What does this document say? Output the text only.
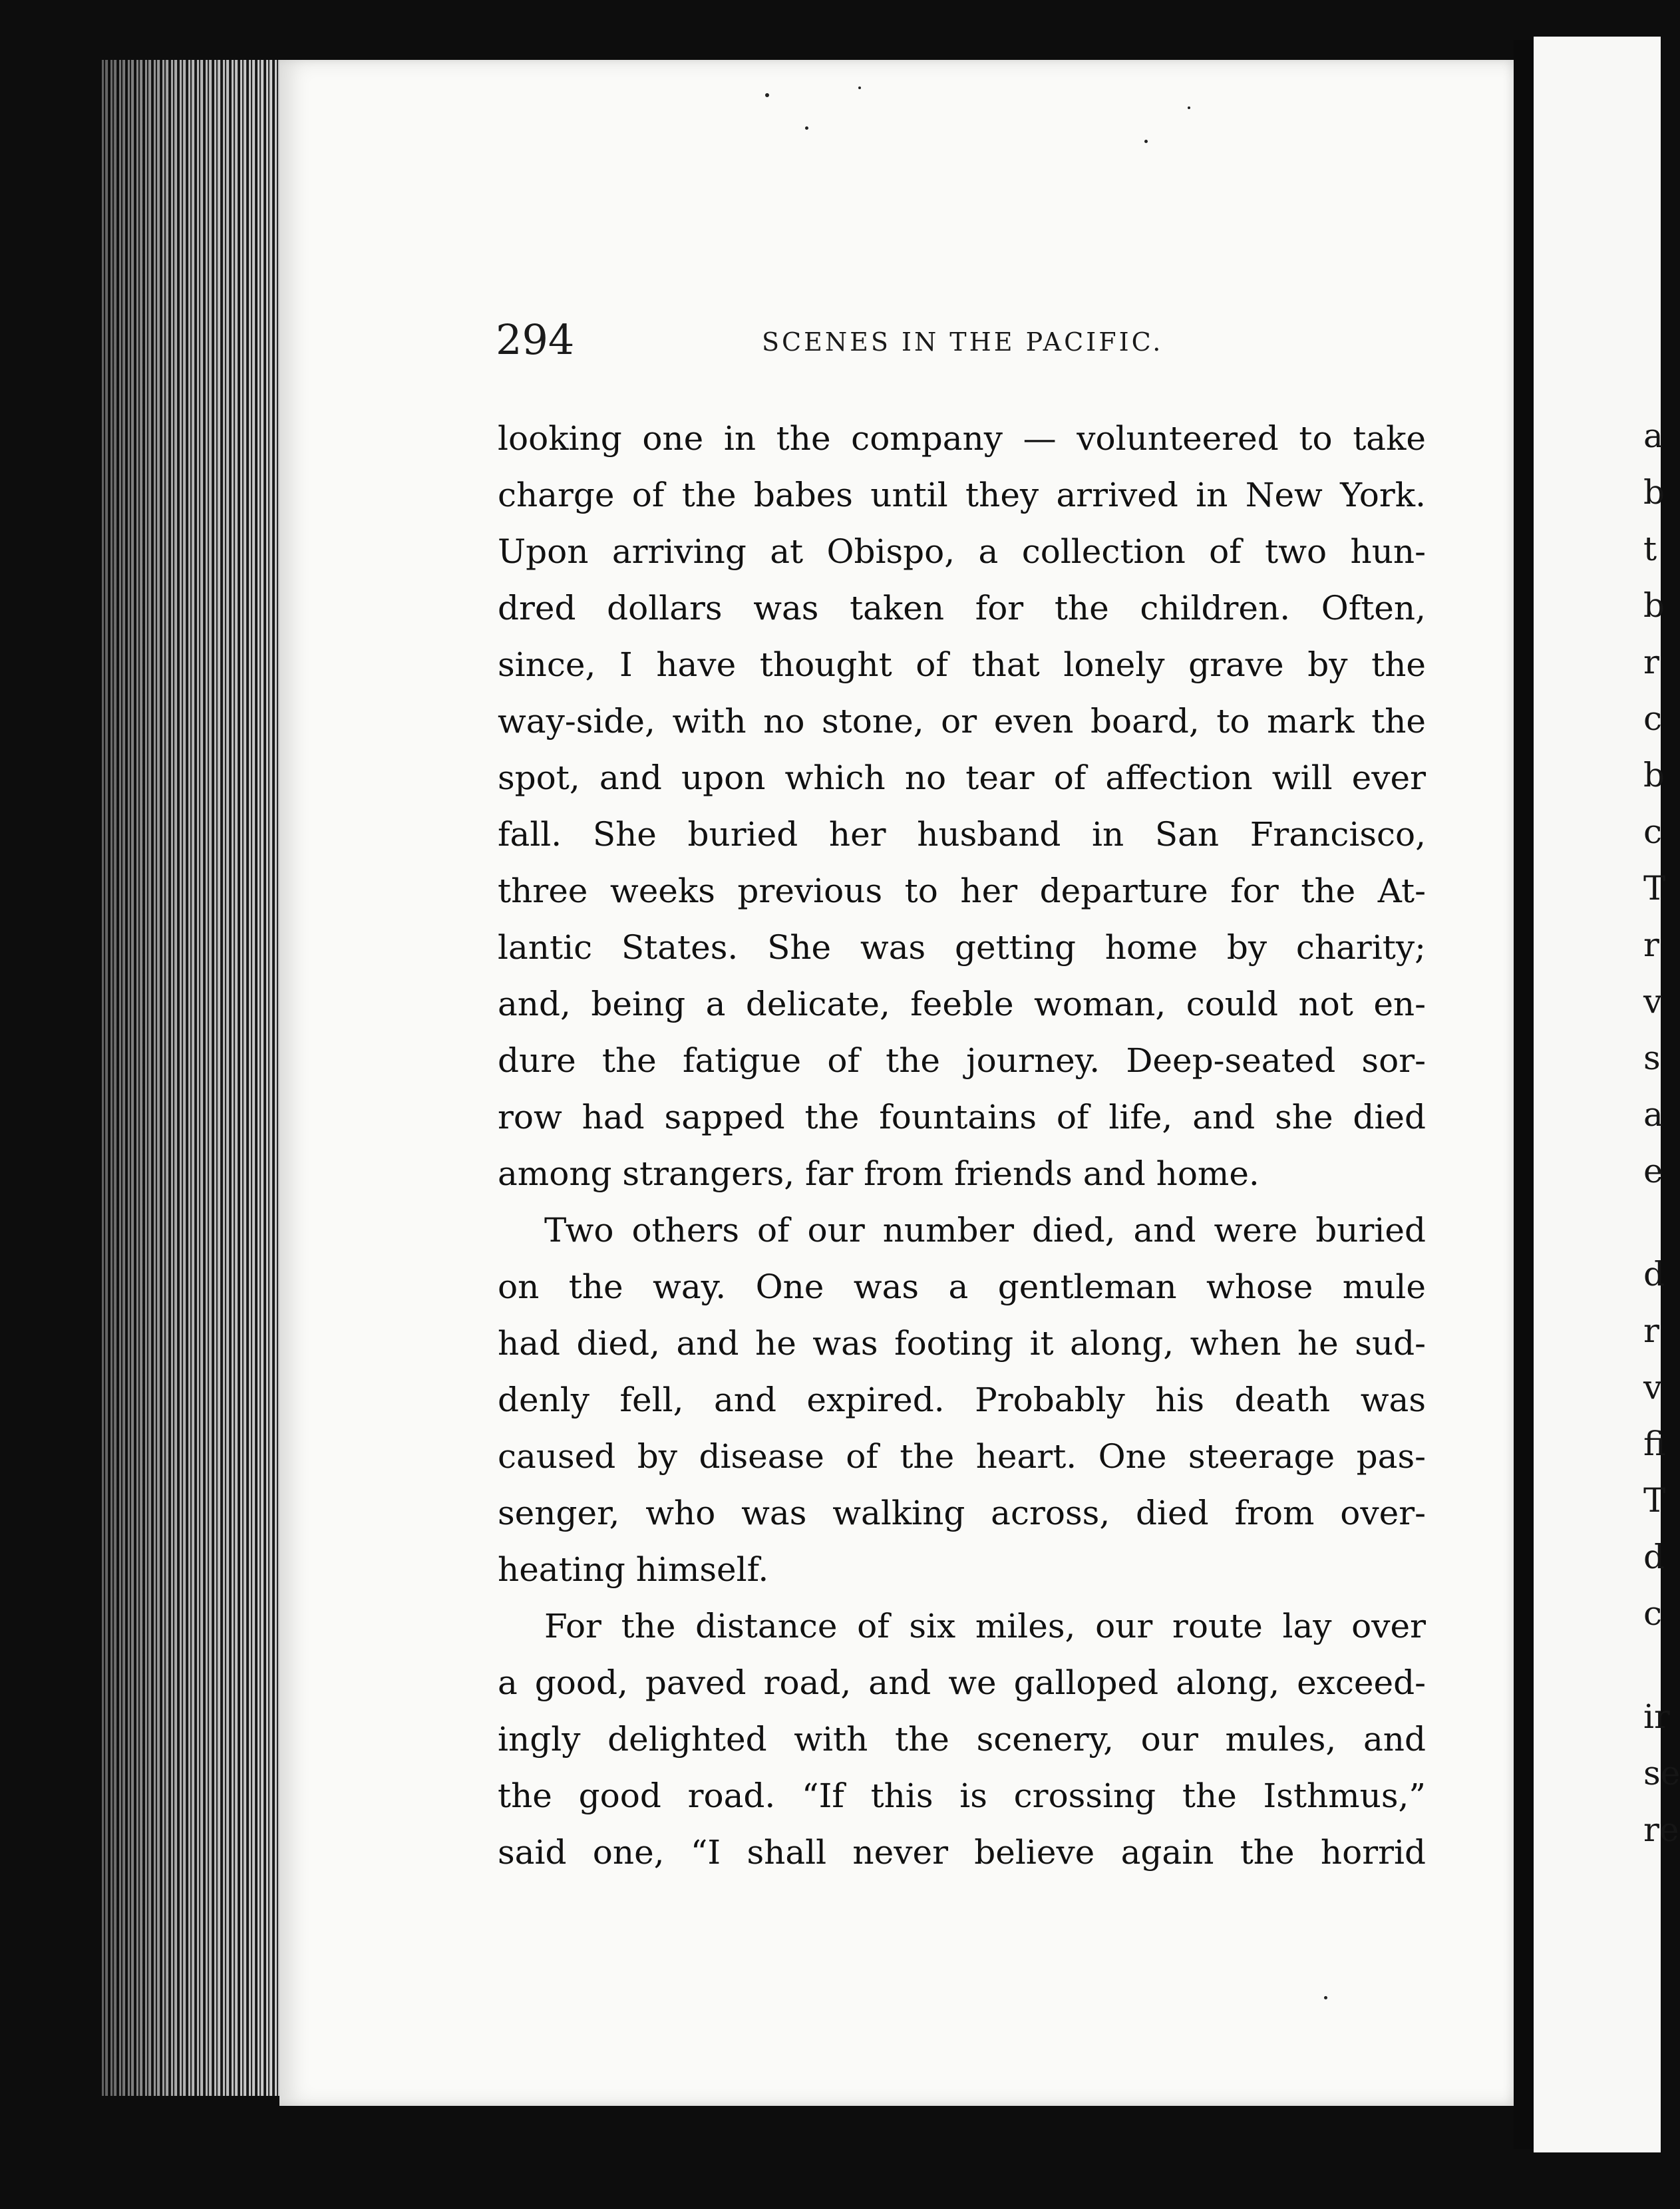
a
b
t
b
r
c
b
c
T
r
v
s
a
e
d
r
v
fi
T
d
c
ir
se
re
294	SCENES IN THE PACIFIC.
looking one in the company — volunteered to take
charge of the babes until they arrived in New York.
Upon arriving at Obispo, a collection of two hun-
dred dollars was taken for the children. Often,
since, I have thought of that lonely grave by the
way-side, with no stone, or even board, to mark the
spot, and upon which no tear of affection will ever
fall. She buried her husband in San Francisco,
three weeks previous to her departure for the At-
lantic States. She was getting home by charity;
and, being a delicate, feeble woman, could not en-
dure the fatigue of the journey. Deep-seated sor-
row had sapped the fountains of life, and she died
among strangers, far from friends and home.
Two others of our number died, and were buried
on the way. One was a gentleman whose mule
had died, and he was footing it along, when he sud-
denly fell, and expired. Probably his death was
caused by disease of the heart. One steerage pas-
senger, who was walking across, died from over-
heating himself.
For the distance of six miles, our route lay over
a good, paved road, and we galloped along, exceed-
ingly delighted with the scenery, our mules, and
the good road. “If this is crossing the Isthmus,”
said one, “I shall never believe again the horrid
